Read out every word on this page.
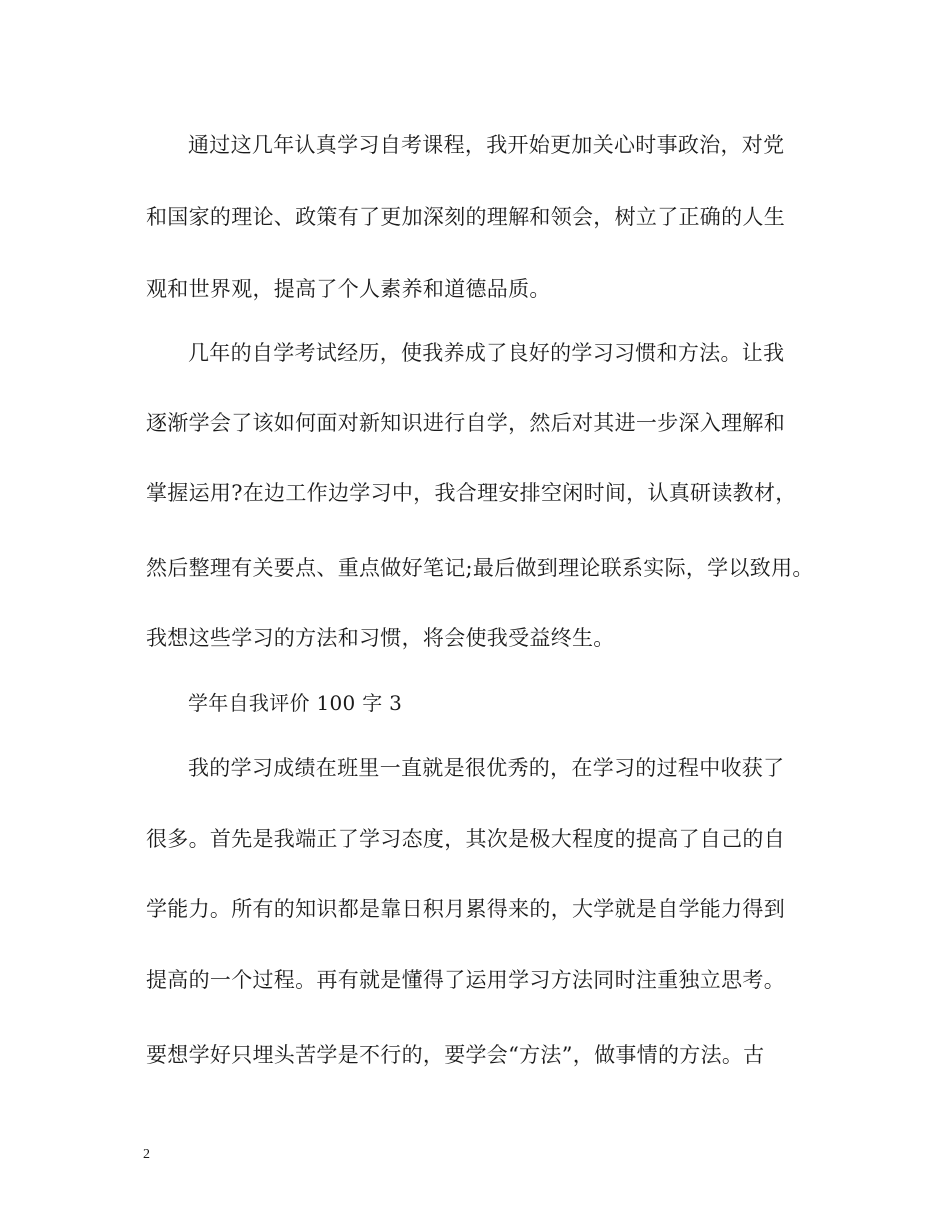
通过这几年认真学习自考课程，我开始更加关心时事政治，对党
和国家的理论、政策有了更加深刻的理解和领会，树立了正确的人生
观和世界观，提高了个人素养和道德品质。
几年的自学考试经历，使我养成了良好的学习习惯和方法。让我
逐渐学会了该如何面对新知识进行自学，然后对其进一步深入理解和
掌握运用?在边工作边学习中，我合理安排空闲时间，认真研读教材，
然后整理有关要点、重点做好笔记;最后做到理论联系实际，学以致用。
我想这些学习的方法和习惯，将会使我受益终生。
学年自我评价 100 字 3
我的学习成绩在班里一直就是很优秀的，在学习的过程中收获了
很多。首先是我端正了学习态度，其次是极大程度的提高了自己的自
学能力。所有的知识都是靠日积月累得来的，大学就是自学能力得到
提高的一个过程。再有就是懂得了运用学习方法同时注重独立思考。
要想学好只埋头苦学是不行的，要学会“方法”，做事情的方法。古
2
